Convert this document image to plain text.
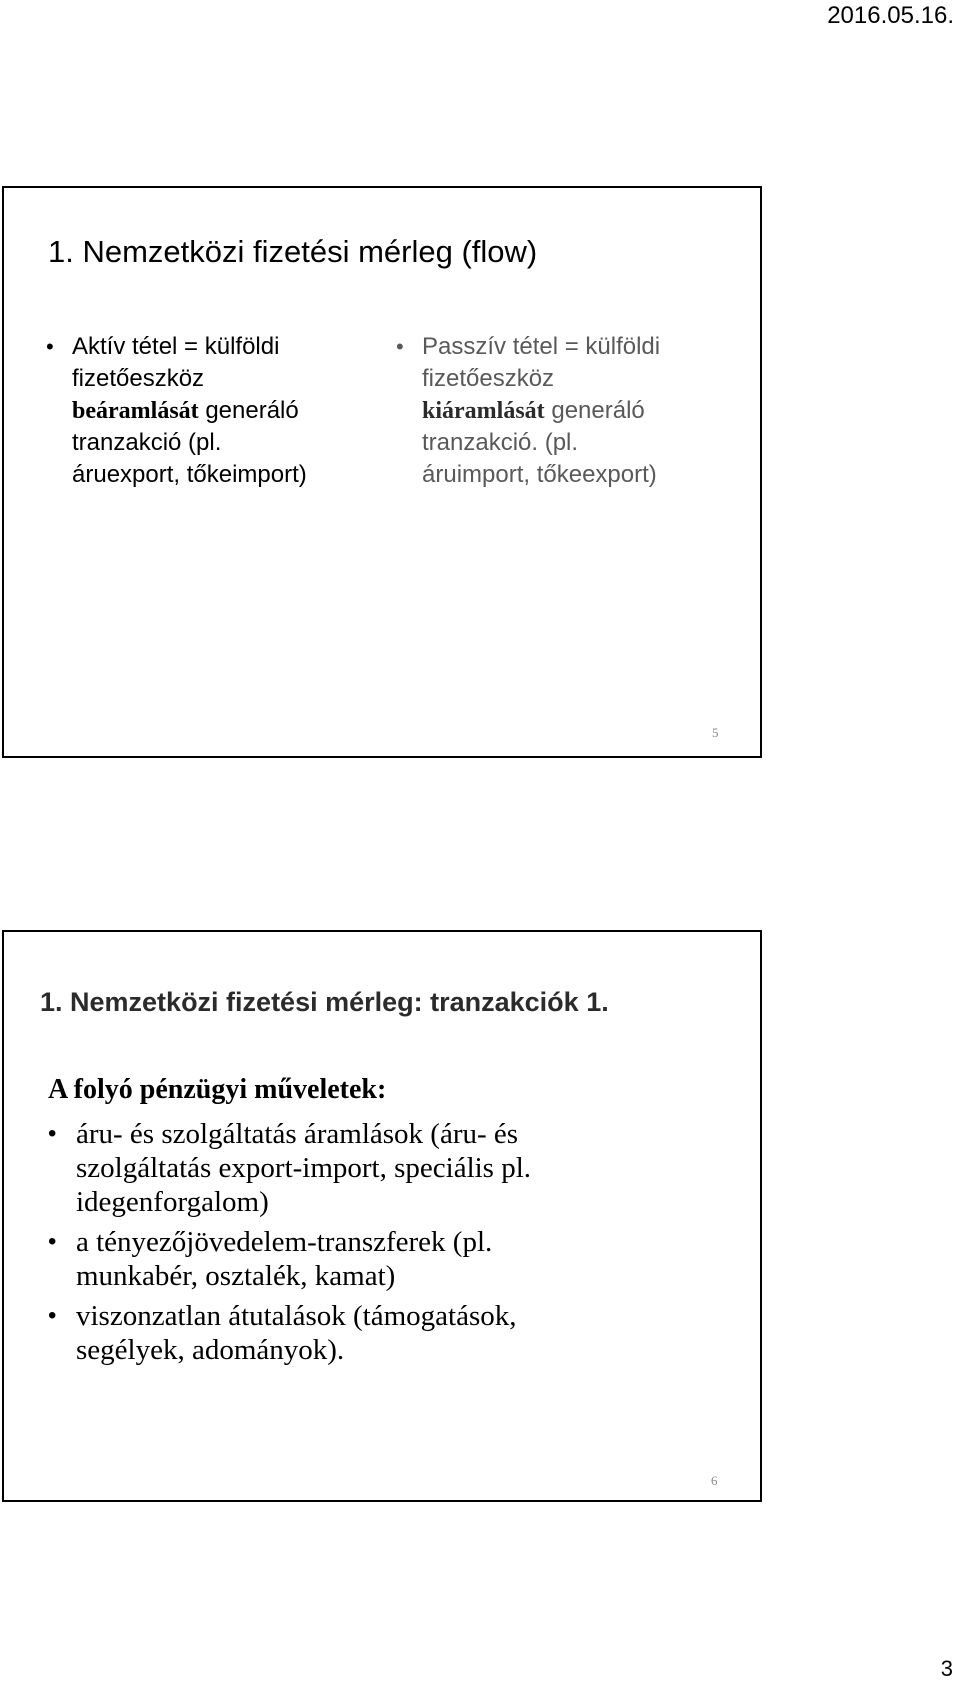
2016.05.16.
1. Nemzetközi fizetési mérleg (flow)
• Aktív tétel = külföldi
fizetőeszköz
beáramlását generáló
tranzakció (pl.
áruexport, tőkeimport)
• Passzív tétel = külföldi
fizetőeszköz
kiáramlását generáló
tranzakció. (pl.
áruimport, tőkeexport)
5
1. Nemzetközi fizetési mérleg: tranzakciók 1.
A folyó pénzügyi műveletek:
• áru- és szolgáltatás áramlások (áru- és
szolgáltatás export-import, speciális pl.
idegenforgalom)
• a tényezőjövedelem-transzferek (pl.
munkabér, osztalék, kamat)
• viszonzatlan átutalások (támogatások,
segélyek, adományok).
6
3
